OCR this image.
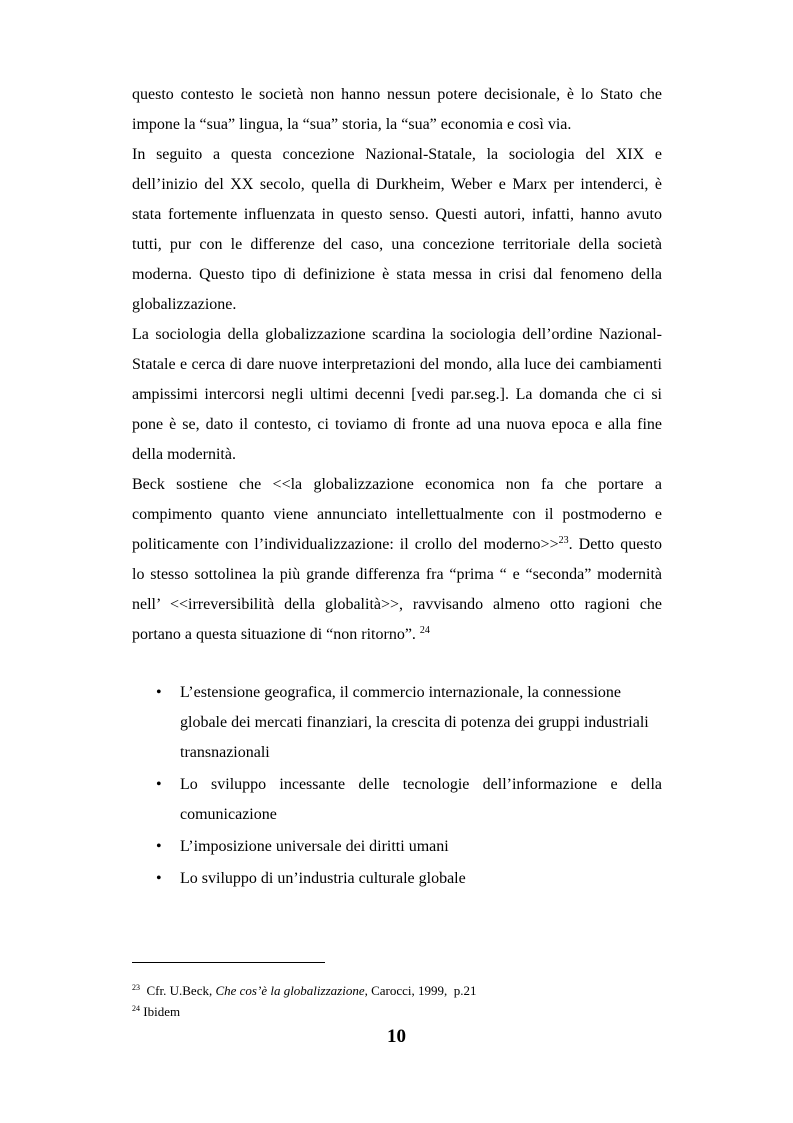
questo contesto le società non hanno nessun potere decisionale, è lo Stato che impone la “sua” lingua, la “sua” storia, la “sua” economia e così via.

In seguito a questa concezione Nazional-Statale, la sociologia del XIX e dell’inizio del XX secolo, quella di Durkheim, Weber e Marx per intenderci, è stata fortemente influenzata in questo senso. Questi autori, infatti, hanno avuto tutti, pur con le differenze del caso, una concezione territoriale della società moderna. Questo tipo di definizione è stata messa in crisi dal fenomeno della globalizzazione.

La sociologia della globalizzazione scardina la sociologia dell’ordine Nazional-Statale e cerca di dare nuove interpretazioni del mondo, alla luce dei cambiamenti ampissimi intercorsi negli ultimi decenni [vedi par.seg.]. La domanda che ci si pone è se, dato il contesto, ci toviamo di fronte ad una nuova epoca e alla fine della modernità.

Beck sostiene che <<la globalizzazione economica non fa che portare a compimento quanto viene annunciato intellettualmente con il postmoderno e politicamente con l’individualizzazione: il crollo del moderno>>$^{23}$. Detto questo lo stesso sottolinea la più grande differenza fra “prima “ e “seconda” modernità nell’ <<irreversibilità della globalità>>, ravvisando almeno otto ragioni che portano a questa situazione di “non ritorno”. $^{24}$

• L’estensione geografica, il commercio internazionale, la connessione globale dei mercati finanziari, la crescita di potenza dei gruppi industriali transnazionali
• Lo sviluppo incessante delle tecnologie dell’informazione e della comunicazione
• L’imposizione universale dei diritti umani
• Lo sviluppo di un’industria culturale globale
$^{23}$  Cfr. U.Beck, Che cos’è la globalizzazione, Carocci, 1999,  p.21
$^{24}$ Ibidem
10
